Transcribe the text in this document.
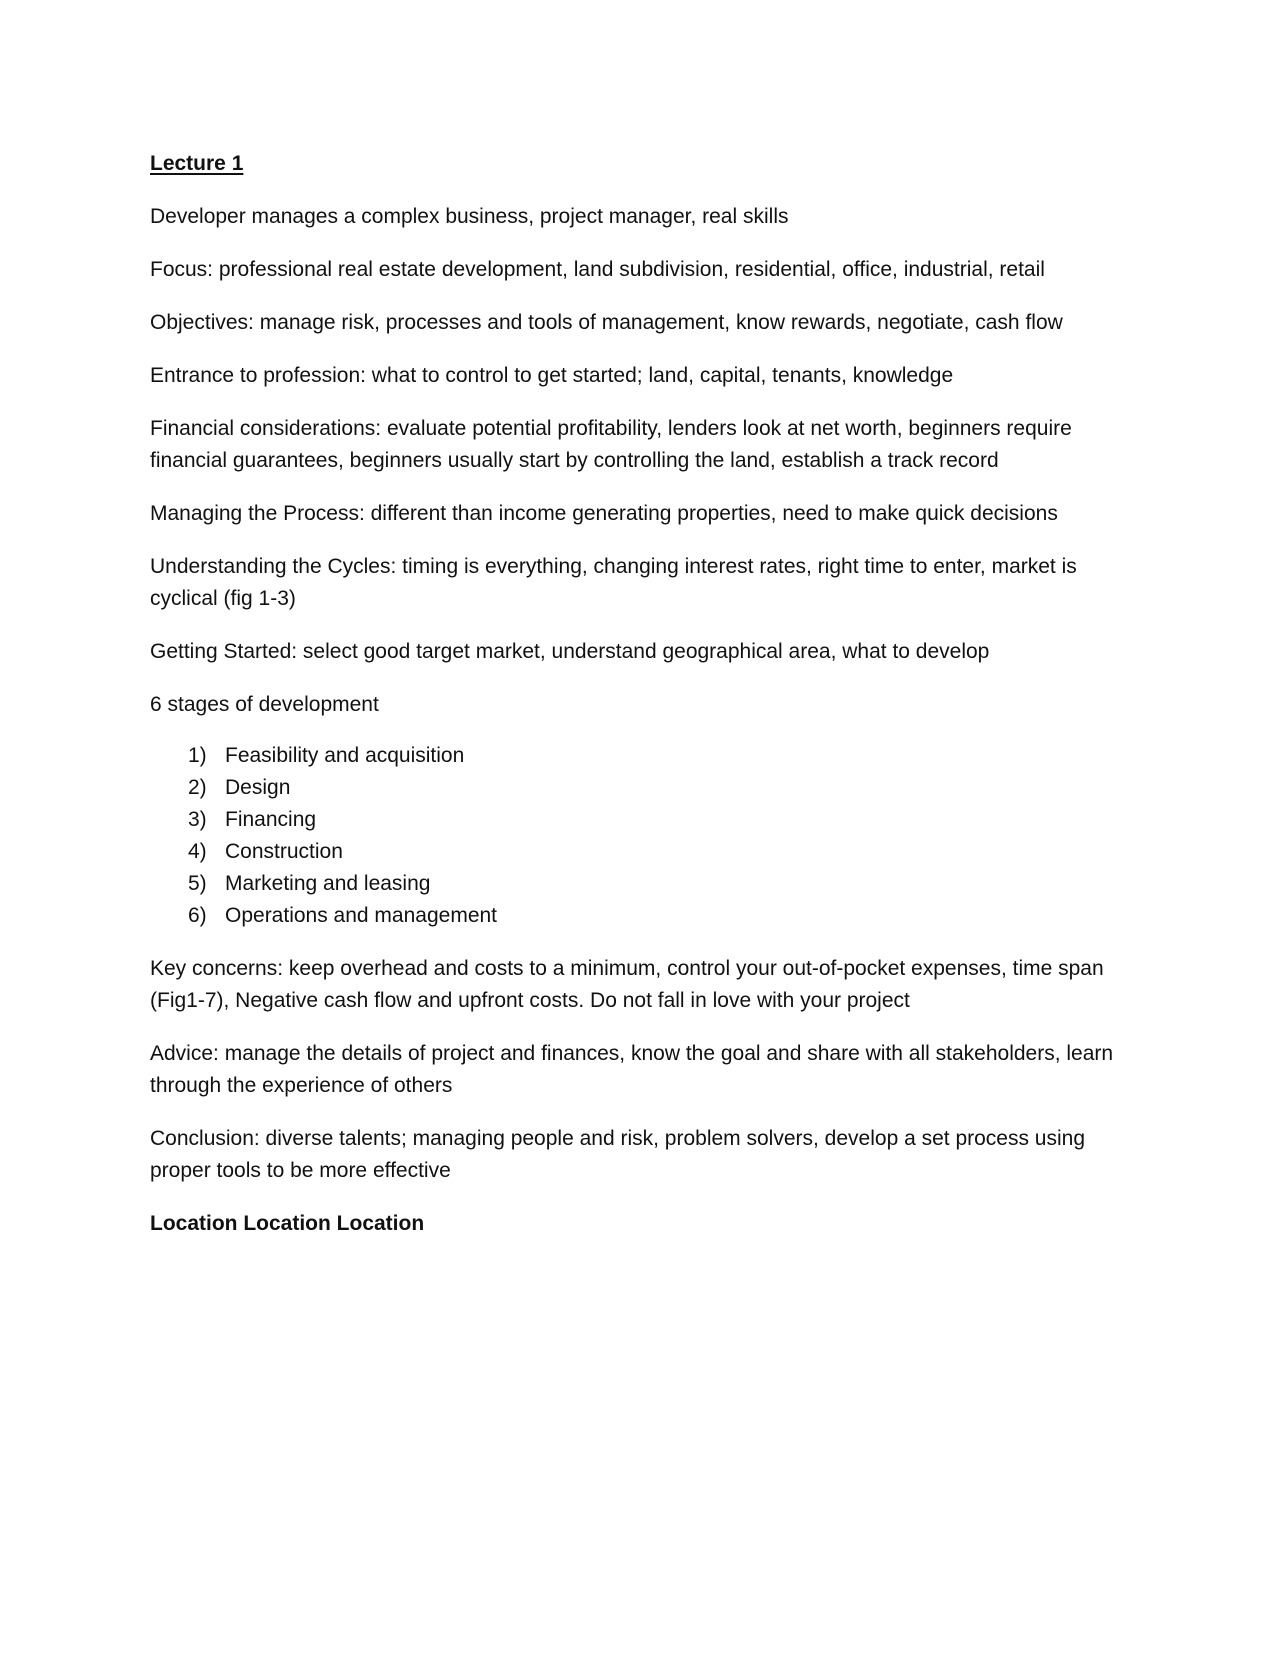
Lecture 1

Developer manages a complex business, project manager, real skills

Focus: professional real estate development, land subdivision, residential, office, industrial, retail

Objectives: manage risk, processes and tools of management, know rewards, negotiate, cash flow

Entrance to profession: what to control to get started; land, capital, tenants, knowledge

Financial considerations: evaluate potential profitability, lenders look at net worth, beginners require financial guarantees, beginners usually start by controlling the land, establish a track record

Managing the Process: different than income generating properties, need to make quick decisions

Understanding the Cycles: timing is everything, changing interest rates, right time to enter, market is cyclical (fig 1-3)

Getting Started: select good target market, understand geographical area, what to develop

6 stages of development

1) Feasibility and acquisition
2) Design
3) Financing
4) Construction
5) Marketing and leasing
6) Operations and management

Key concerns: keep overhead and costs to a minimum, control your out-of-pocket expenses, time span (Fig1-7), Negative cash flow and upfront costs. Do not fall in love with your project

Advice: manage the details of project and finances, know the goal and share with all stakeholders, learn through the experience of others

Conclusion: diverse talents; managing people and risk, problem solvers, develop a set process using proper tools to be more effective

Location Location Location
